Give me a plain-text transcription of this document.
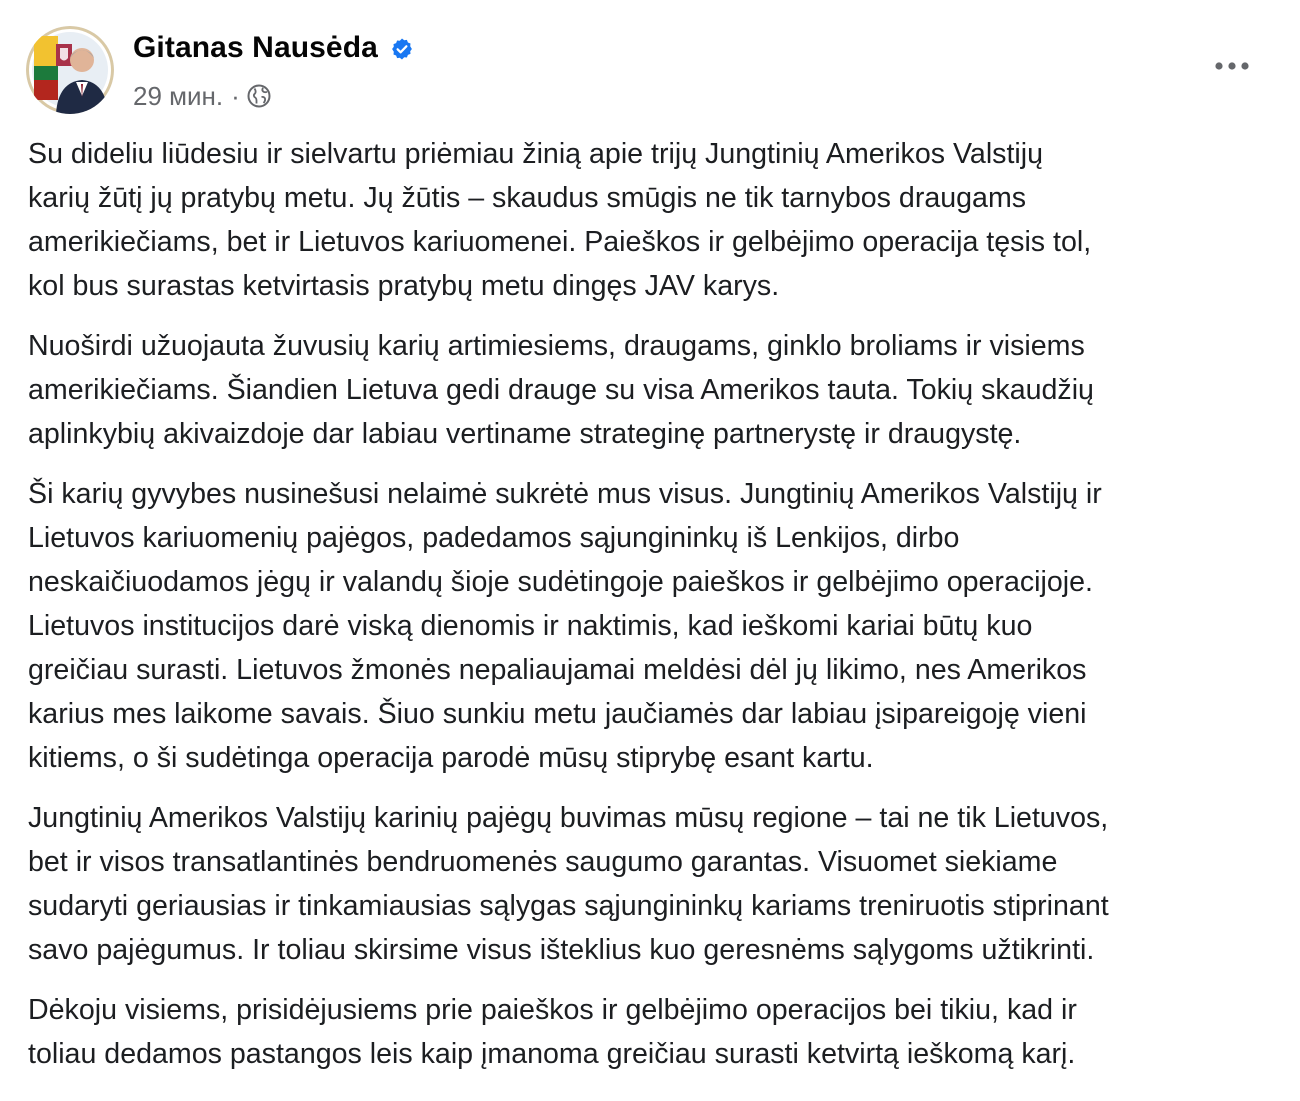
Gitanas Nausėda
29 мин. ·

Su dideliu liūdesiu ir sielvartu priėmiau žinią apie trijų Jungtinių Amerikos Valstijų
karių žūtį jų pratybų metu. Jų žūtis – skaudus smūgis ne tik tarnybos draugams
amerikiečiams, bet ir Lietuvos kariuomenei. Paieškos ir gelbėjimo operacija tęsis tol,
kol bus surastas ketvirtasis pratybų metu dingęs JAV karys.

Nuoširdi užuojauta žuvusių karių artimiesiems, draugams, ginklo broliams ir visiems
amerikiečiams. Šiandien Lietuva gedi drauge su visa Amerikos tauta. Tokių skaudžių
aplinkybių akivaizdoje dar labiau vertiname strateginę partnerystę ir draugystę.

Ši karių gyvybes nusinešusi nelaimė sukrėtė mus visus. Jungtinių Amerikos Valstijų ir
Lietuvos kariuomenių pajėgos, padedamos sąjungininkų iš Lenkijos, dirbo
neskaičiuodamos jėgų ir valandų šioje sudėtingoje paieškos ir gelbėjimo operacijoje.
Lietuvos institucijos darė viską dienomis ir naktimis, kad ieškomi kariai būtų kuo
greičiau surasti. Lietuvos žmonės nepaliaujamai meldėsi dėl jų likimo, nes Amerikos
karius mes laikome savais. Šiuo sunkiu metu jaučiamės dar labiau įsipareigoję vieni
kitiems, o ši sudėtinga operacija parodė mūsų stiprybę esant kartu.

Jungtinių Amerikos Valstijų karinių pajėgų buvimas mūsų regione – tai ne tik Lietuvos,
bet ir visos transatlantinės bendruomenės saugumo garantas. Visuomet siekiame
sudaryti geriausias ir tinkamiausias sąlygas sąjungininkų kariams treniruotis stiprinant
savo pajėgumus. Ir toliau skirsime visus išteklius kuo geresnėms sąlygoms užtikrinti.

Dėkoju visiems, prisidėjusiems prie paieškos ir gelbėjimo operacijos bei tikiu, kad ir
toliau dedamos pastangos leis kaip įmanoma greičiau surasti ketvirtą ieškomą karį.
